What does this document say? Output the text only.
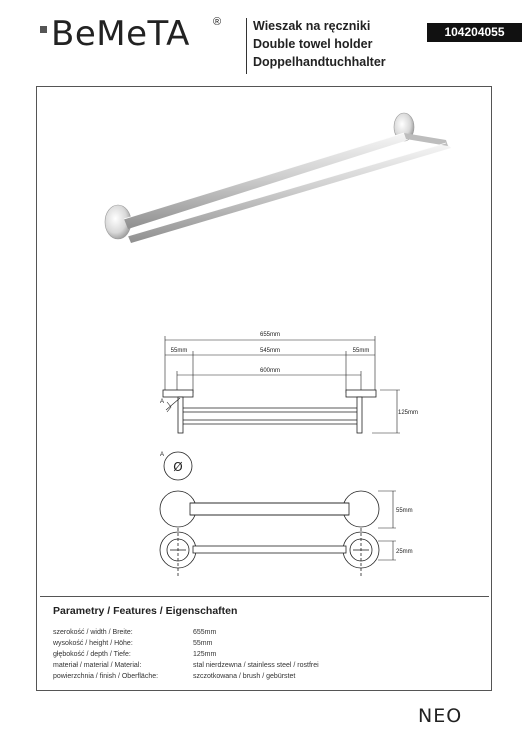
BeMeTA ®	Wieszak na ręczniki
Double towel holder
Doppelhandtuchhalter
104204055
655mm
55mm	545mm	55mm
600mm
125mm
55mm
25mm
A
A
Ø
Parametry / Features / Eigenschaften
szerokość / width / Breite:	655mm
wysokość / height / Höhe:	55mm
głębokość / depth / Tiefe:	125mm
materiał / material / Material:	stal nierdzewna / stainless steel / rostfrei
powierzchnia / finish / Oberfläche:	szczotkowana / brush / gebürstet
NEO
